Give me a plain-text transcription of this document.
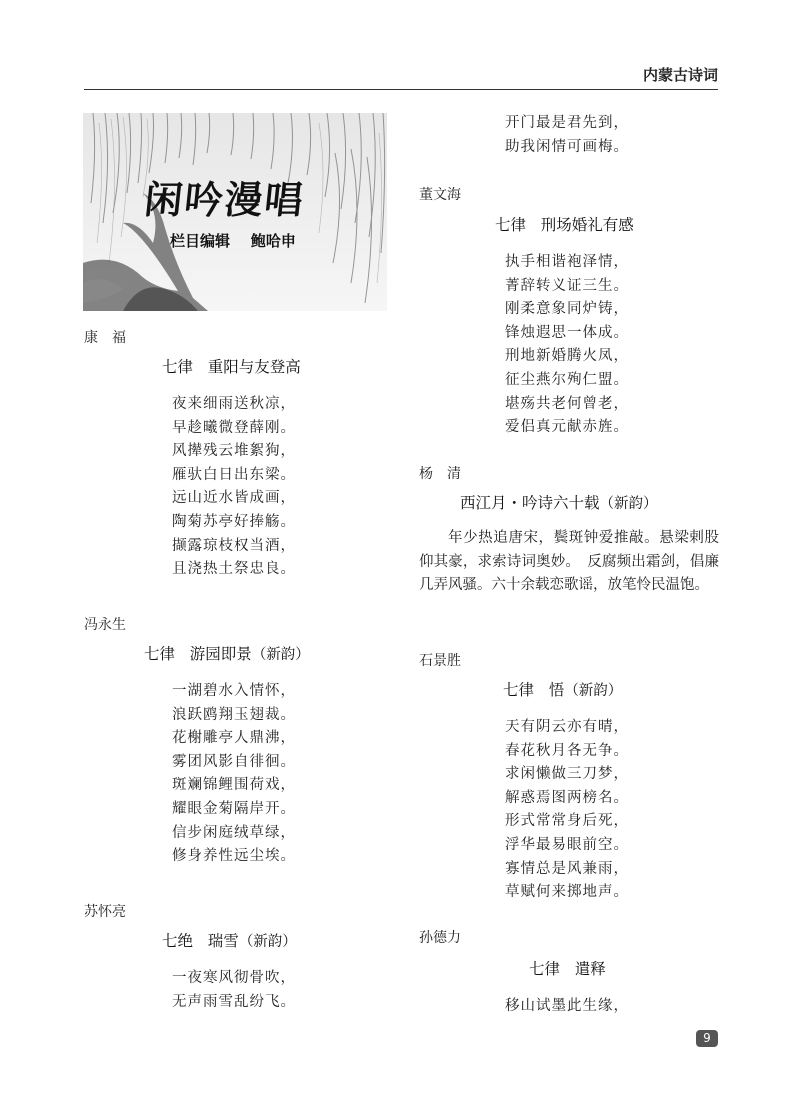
内蒙古诗词
闲吟漫唱
栏目编辑 鲍哈申
康　福
七律 重阳与友登高
夜来细雨送秋凉，
早趁曦微登薛刚。
风撵残云堆絮狗，
雁驮白日出东梁。
远山近水皆成画，
陶菊苏亭好捧觞。
撷露琼枝权当酒，
且浇热土祭忠良。
冯永生
七律 游园即景（新韵）
一湖碧水入情怀，
浪跃鸥翔玉翅裁。
花榭雕亭人鼎沸，
雾团风影自徘徊。
斑斓锦鲤围荷戏，
耀眼金菊隔岸开。
信步闲庭绒草绿，
修身养性远尘埃。
苏怀亮
七绝 瑞雪（新韵）
一夜寒风彻骨吹，
无声雨雪乱纷飞。
开门最是君先到，
助我闲情可画梅。
董文海
七律 刑场婚礼有感
执手相谐袍泽情，
菁辞转义证三生。
刚柔意象同炉铸，
锋烛遐思一体成。
刑地新婚腾火凤，
征尘燕尔殉仁盟。
堪殇共老何曾老，
爱侣真元献赤旌。
杨　清
西江月・吟诗六十载（新韵）

年少热追唐宋，鬓斑钟爱推敲。悬梁剌股仰其豪，求索诗词奥妙。　反腐频出霜剑，倡廉几弄风骚。六十余载恋歌谣，放笔怜民温饱。

石景胜
七律 悟（新韵）
天有阴云亦有晴，
春花秋月各无争。
求闲懒做三刀梦，
解惑焉图两榜名。
形式常常身后死，
浮华最易眼前空。
寡情总是风兼雨，
草赋何来掷地声。
孙德力
七律 遣释
移山试墨此生缘，
9
